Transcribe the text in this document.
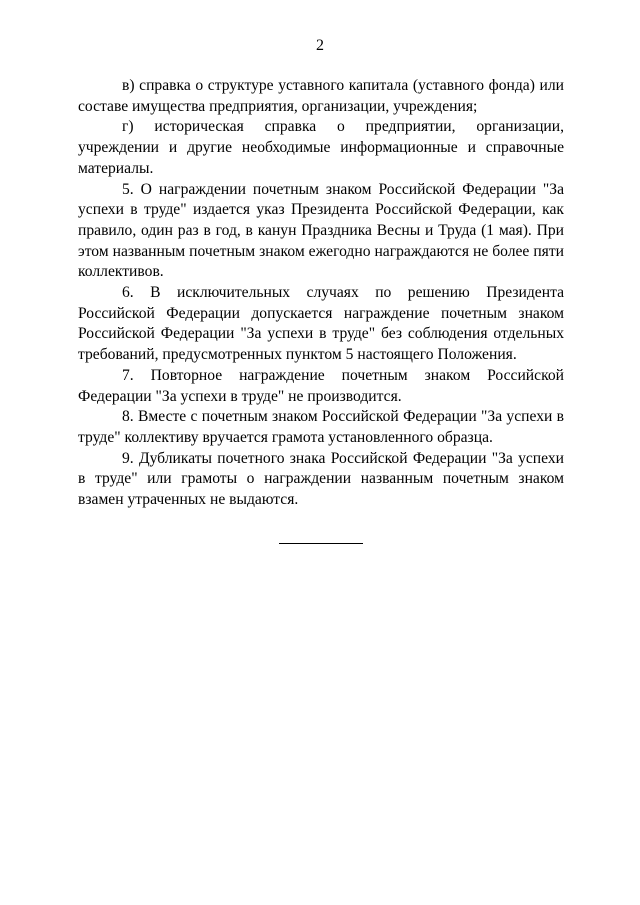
2

в) справка о структуре уставного капитала (уставного фонда) или составе имущества предприятия, организации, учреждения;

г) историческая справка о предприятии, организации, учреждении и другие необходимые информационные и справочные материалы.

5. О награждении почетным знаком Российской Федерации "За успехи в труде" издается указ Президента Российской Федерации, как правило, один раз в год, в канун Праздника Весны и Труда (1 мая). При этом названным почетным знаком ежегодно награждаются не более пяти коллективов.

6. В исключительных случаях по решению Президента Российской Федерации допускается награждение почетным знаком Российской Федерации "За успехи в труде" без соблюдения отдельных требований, предусмотренных пунктом 5 настоящего Положения.

7. Повторное награждение почетным знаком Российской Федерации "За успехи в труде" не производится.

8. Вместе с почетным знаком Российской Федерации "За успехи в труде" коллективу вручается грамота установленного образца.

9. Дубликаты почетного знака Российской Федерации "За успехи в труде" или грамоты о награждении названным почетным знаком взамен утраченных не выдаются.
